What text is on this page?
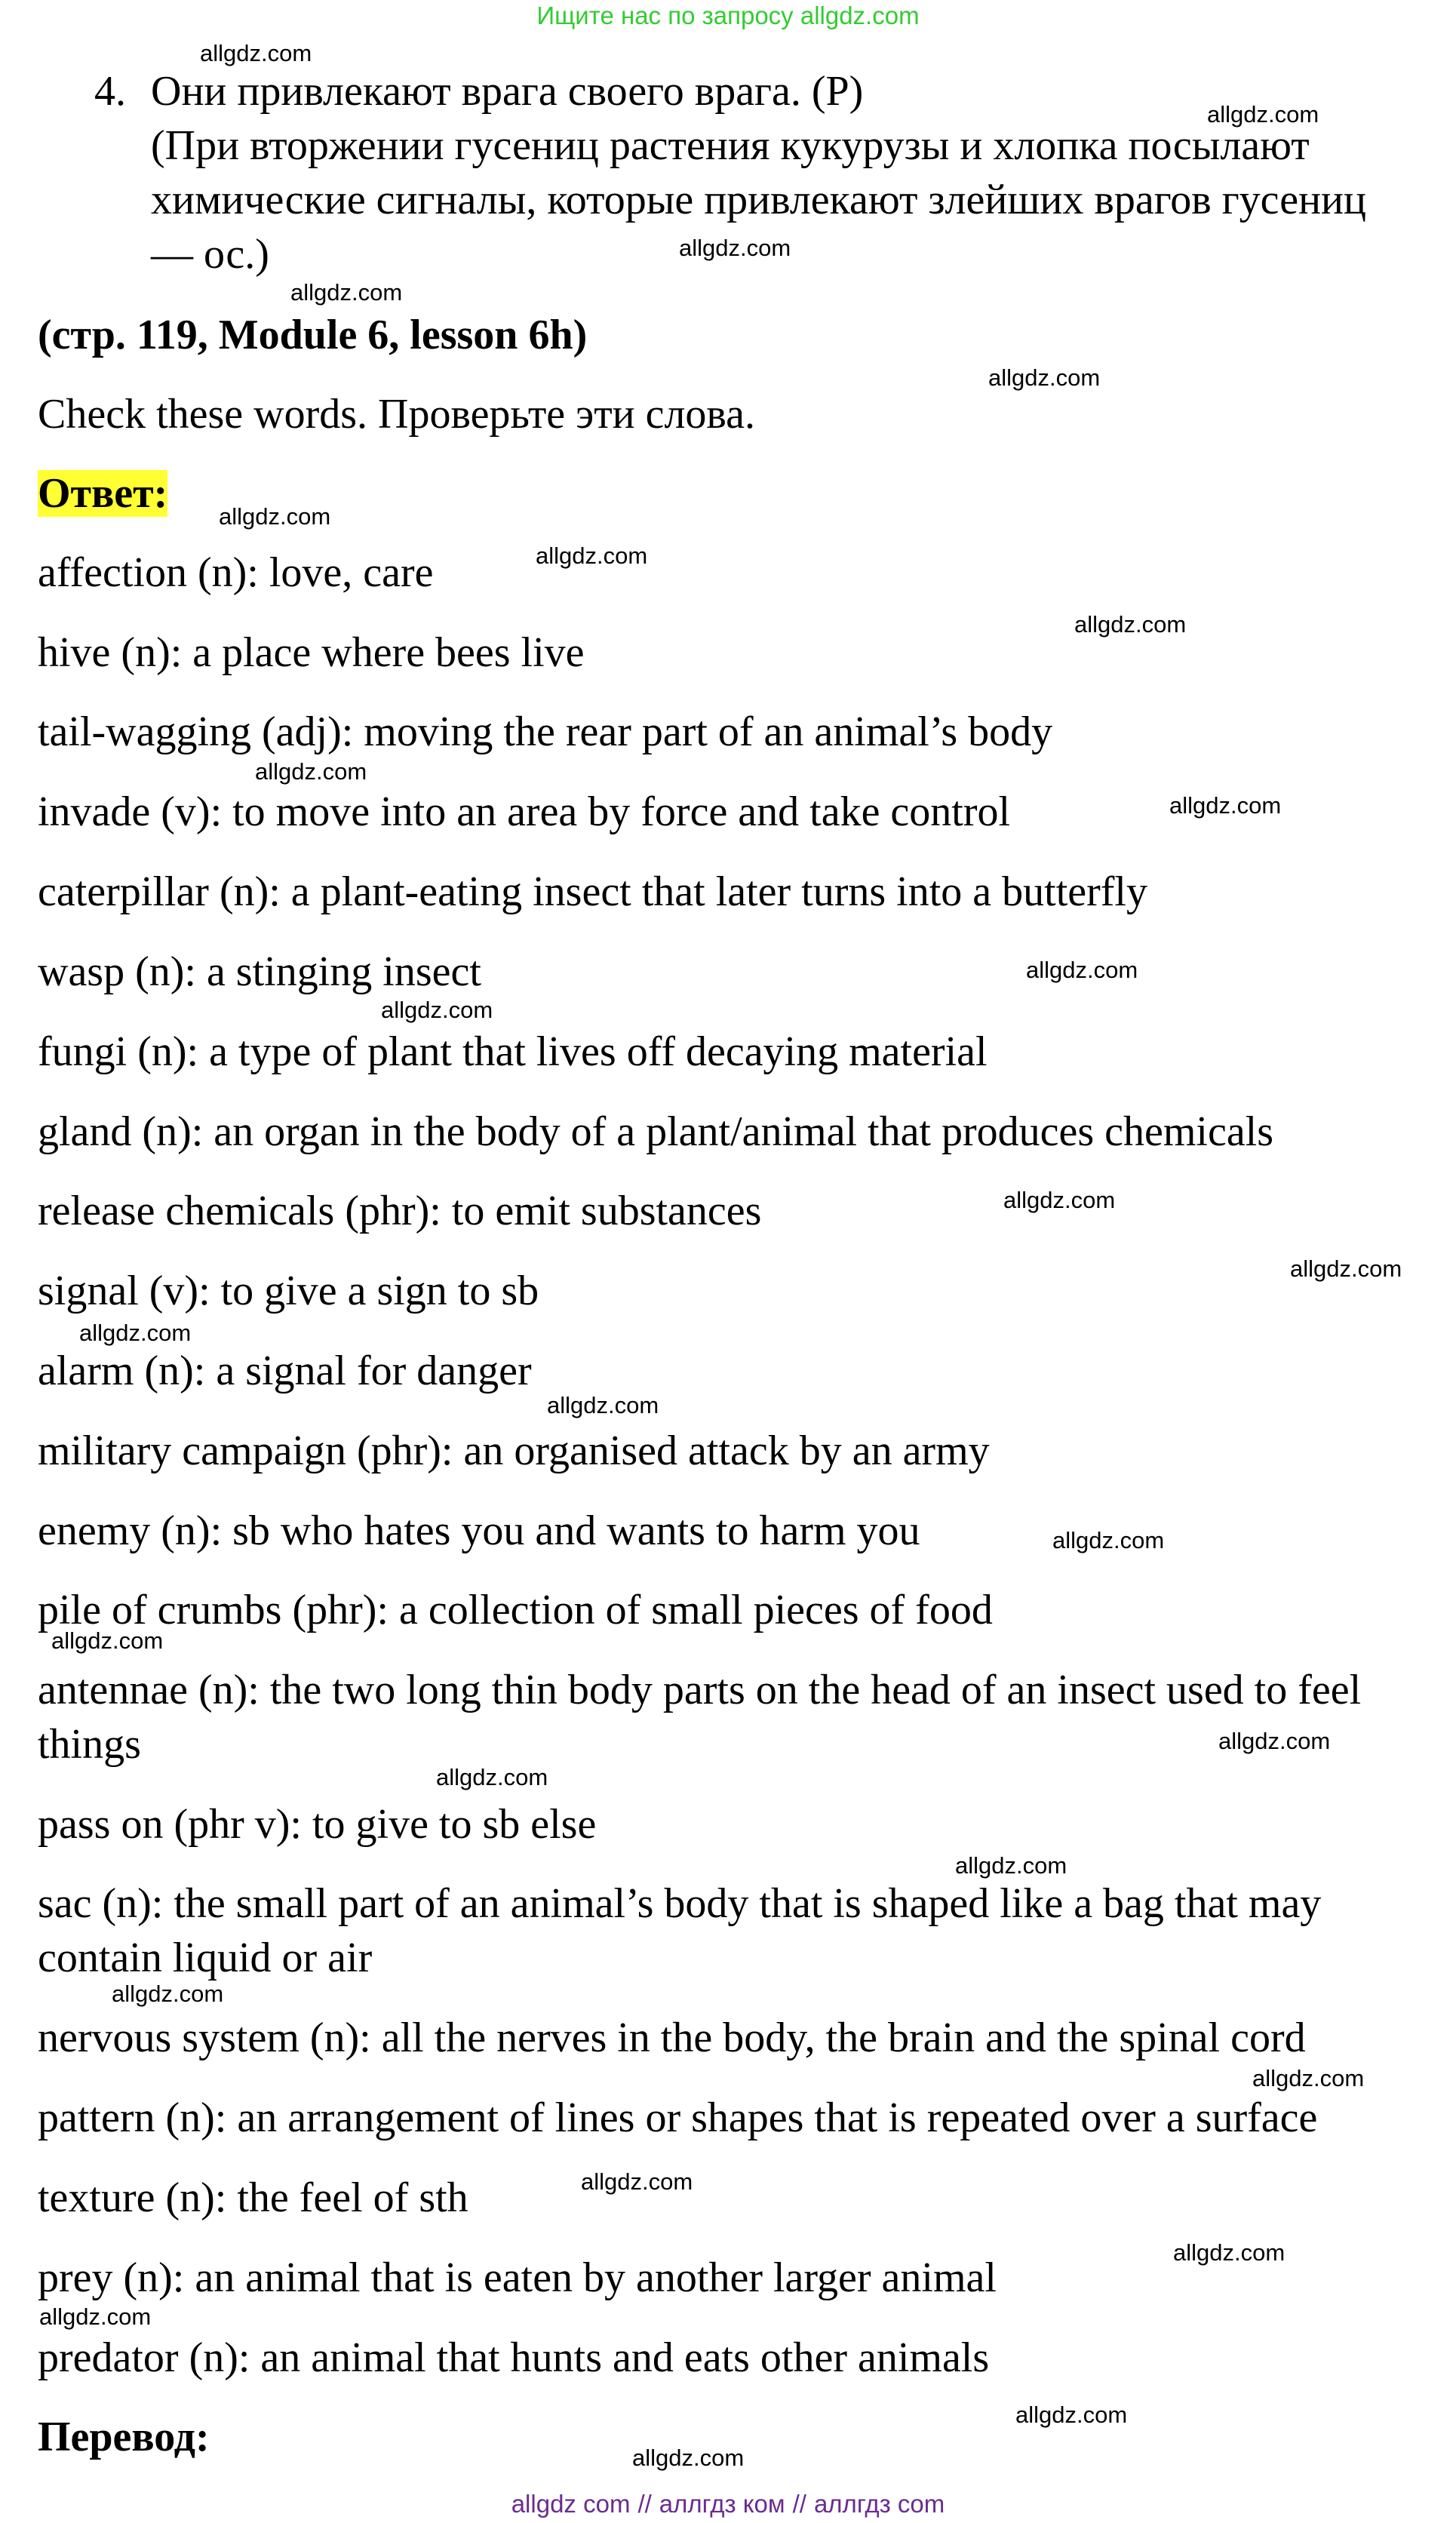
Ищите нас по запросу allgdz.com
4. Они привлекают врага своего врага. (Р)
(При вторжении гусениц растения кукурузы и хлопка посылают химические сигналы, которые привлекают злейших врагов гусениц — ос.)
(стр. 119, Module 6, lesson 6h)
Check these words. Проверьте эти слова.
Ответ:
affection (n): love, care
hive (n): a place where bees live
tail-wagging (adj): moving the rear part of an animal’s body
invade (v): to move into an area by force and take control
caterpillar (n): a plant-eating insect that later turns into a butterfly
wasp (n): a stinging insect
fungi (n): a type of plant that lives off decaying material
gland (n): an organ in the body of a plant/animal that produces chemicals
release chemicals (phr): to emit substances
signal (v): to give a sign to sb
alarm (n): a signal for danger
military campaign (phr): an organised attack by an army
enemy (n): sb who hates you and wants to harm you
pile of crumbs (phr): a collection of small pieces of food
antennae (n): the two long thin body parts on the head of an insect used to feel things
pass on (phr v): to give to sb else
sac (n): the small part of an animal’s body that is shaped like a bag that may contain liquid or air
nervous system (n): all the nerves in the body, the brain and the spinal cord
pattern (n): an arrangement of lines or shapes that is repeated over a surface
texture (n): the feel of sth
prey (n): an animal that is eaten by another larger animal
predator (n): an animal that hunts and eats other animals
Перевод:
allgdz.com
allgdz.com
allgdz.com
allgdz.com
allgdz.com
allgdz.com
allgdz.com
allgdz.com
allgdz.com
allgdz.com
allgdz.com
allgdz.com
allgdz.com
allgdz.com
allgdz.com
allgdz.com
allgdz.com
allgdz.com
allgdz.com
allgdz.com
allgdz.com
allgdz.com
allgdz.com
allgdz.com
allgdz.com
allgdz.com
allgdz.com
allgdz.com
allgdz com // аллгдз ком // аллгдз com
